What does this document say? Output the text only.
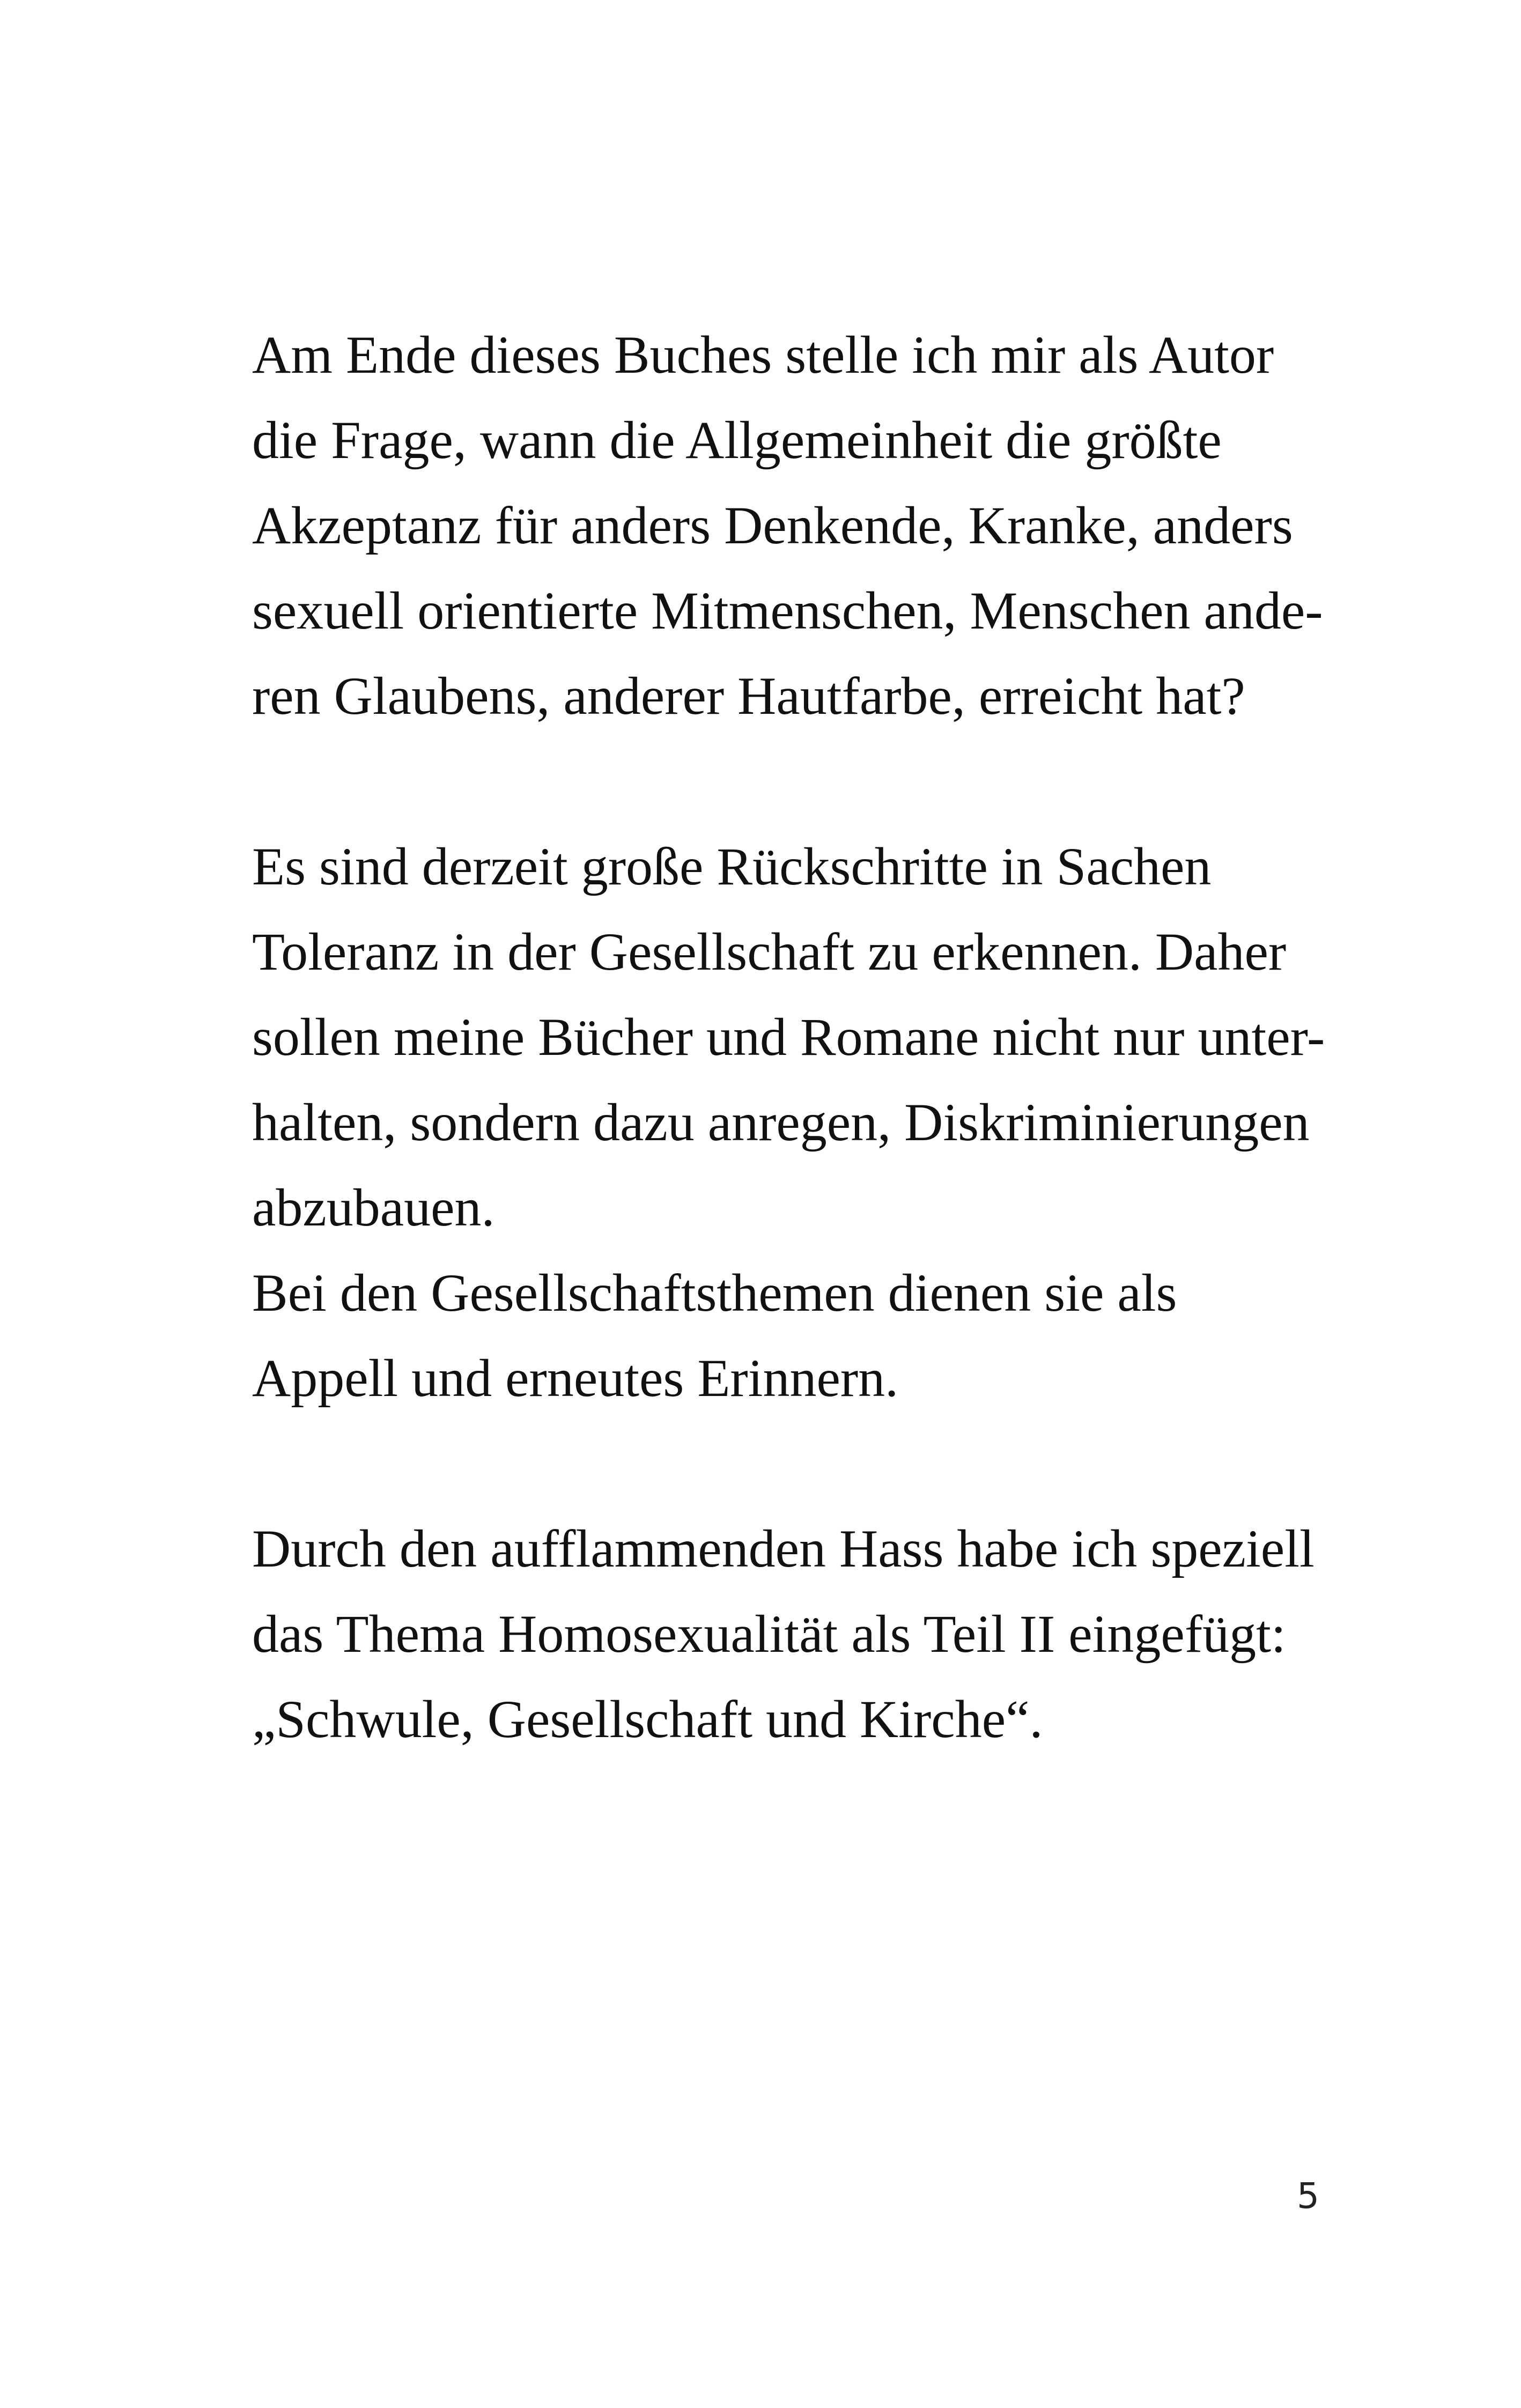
Am Ende dieses Buches stelle ich mir als Autor
die Frage, wann die Allgemeinheit die größte
Akzeptanz für anders Denkende, Kranke, anders
sexuell orientierte Mitmenschen, Menschen ande-
ren Glaubens, anderer Hautfarbe, erreicht hat?
Es sind derzeit große Rückschritte in Sachen
Toleranz in der Gesellschaft zu erkennen. Daher
sollen meine Bücher und Romane nicht nur unter-
halten, sondern dazu anregen, Diskriminierungen
abzubauen.
Bei den Gesellschaftsthemen dienen sie als
Appell und erneutes Erinnern.
Durch den aufflammenden Hass habe ich speziell
das Thema Homosexualität als Teil II eingefügt:
„Schwule, Gesellschaft und Kirche“.
5
